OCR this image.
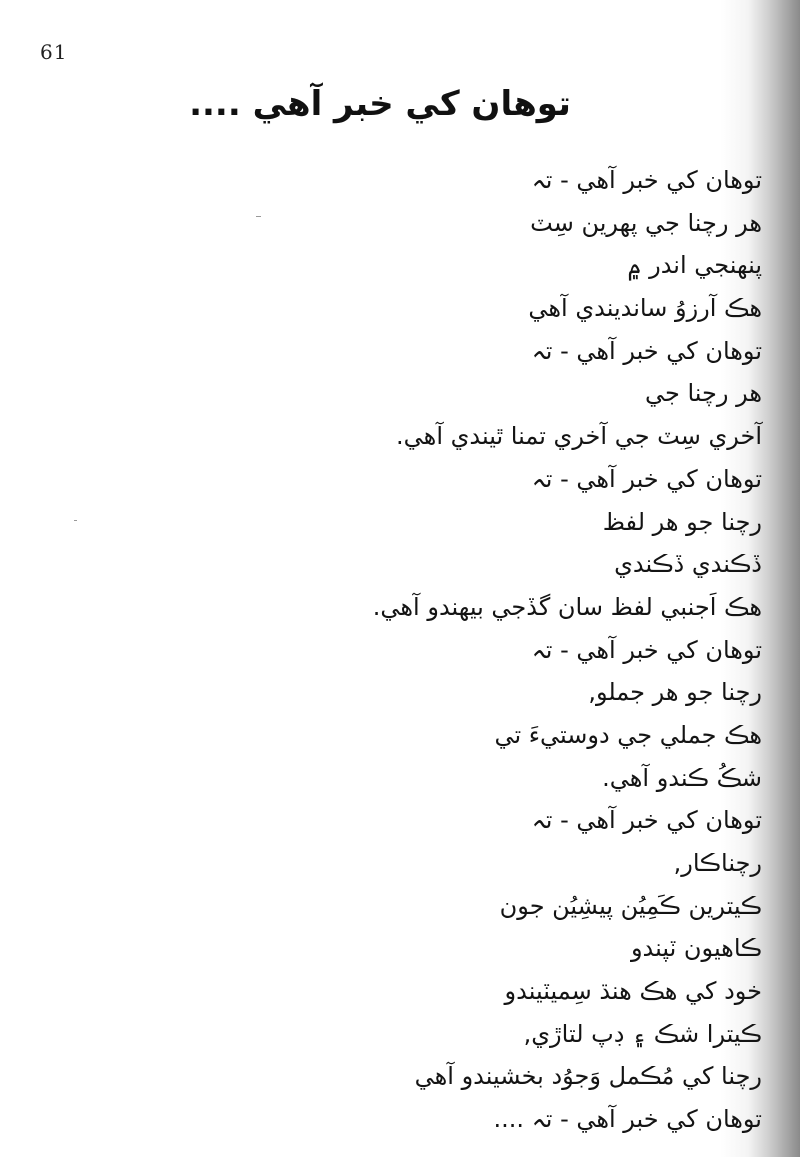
61
توهان کي خبر آهي ....
توهان کي خبر آهي - تہ
هر رچنا جي پهرين سِٽ
پنهنجي اندر ۾
هڪ آرزوُ سانديندي آهي
توهان کي خبر آهي - تہ
هر رچنا جي
آخري سِٽ جي آخري تمنا ٿيندي آهي.
توهان کي خبر آهي - تہ
رچنا جو هر لفظ
ڏڪندي ڏڪندي
هڪ اَجنبي لفظ سان گڏجي بيهندو آهي.
توهان کي خبر آهي - تہ
رچنا جو هر جملو,
هڪ جملي جي دوستيءَ تي
شڪُ ڪندو آهي.
توهان کي خبر آهي - تہ
رچناڪار,
ڪيترين ڪَمِيُن پيشِيُن جون
ڪاهيون ٽپندو
خود کي هڪ هنڌ سِميٽيندو
ڪيترا شڪ ۽ ڊپ لتاڙي,
رچنا کي مُڪمل وَجوُد بخشيندو آهي
توهان کي خبر آهي - تہ ....
